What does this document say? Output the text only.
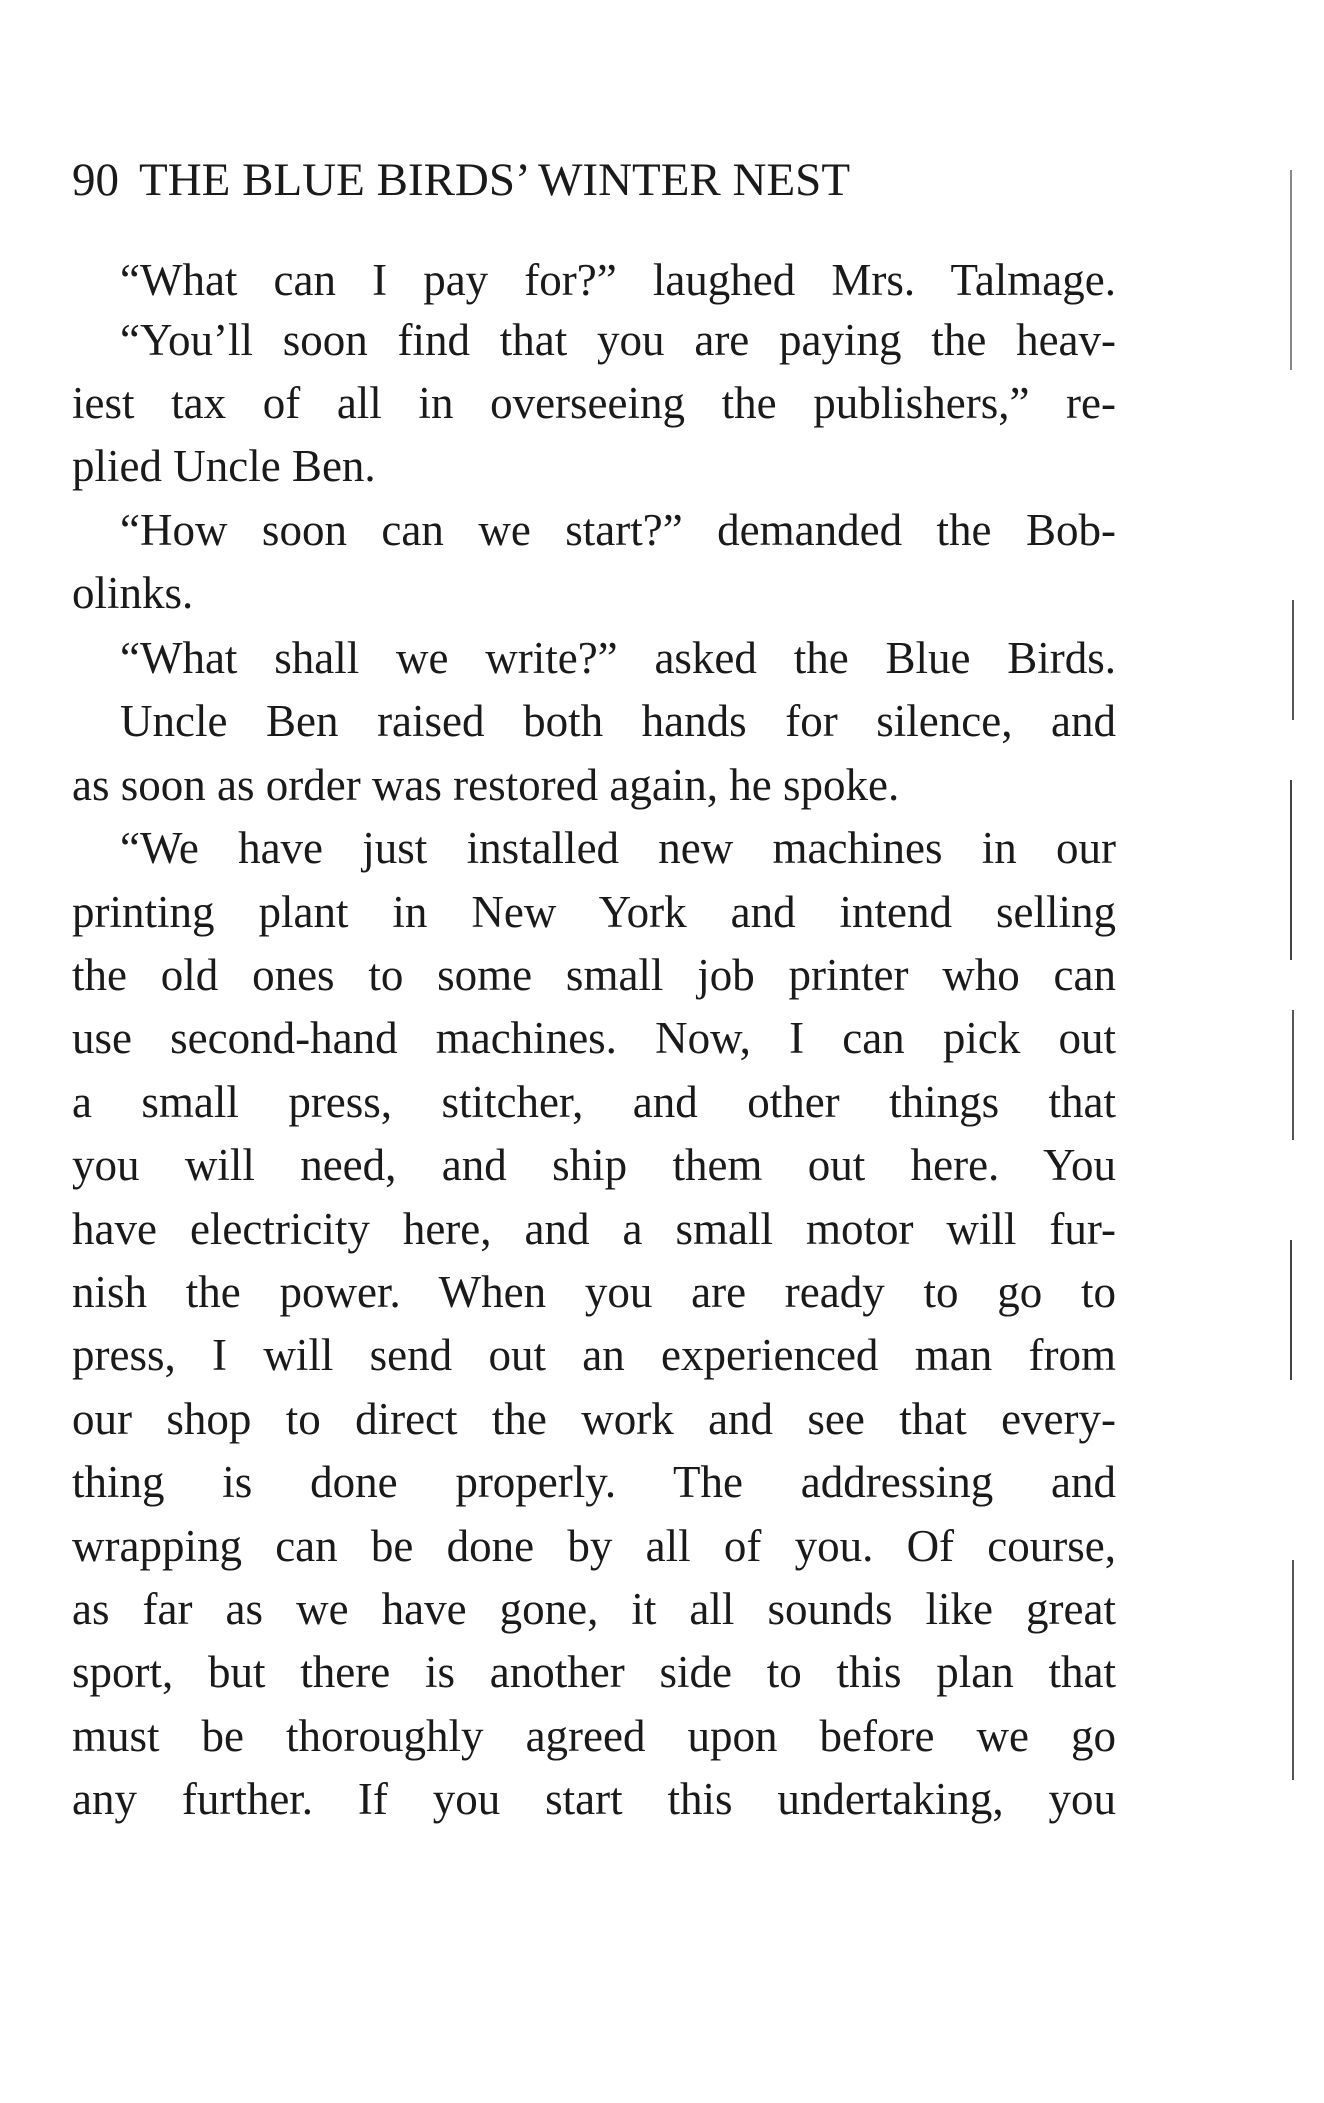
90 THE BLUE BIRDS’ WINTER NEST
“What can I pay for?” laughed Mrs. Talmage.
“You’ll soon find that you are paying the heav-
iest tax of all in overseeing the publishers,” re-
plied Uncle Ben.
“How soon can we start?” demanded the Bob-
olinks.
“What shall we write?” asked the Blue Birds.
Uncle Ben raised both hands for silence, and
as soon as order was restored again, he spoke.
“We have just installed new machines in our
printing plant in New York and intend selling
the old ones to some small job printer who can
use second-hand machines. Now, I can pick out
a small press, stitcher, and other things that
you will need, and ship them out here. You
have electricity here, and a small motor will fur-
nish the power. When you are ready to go to
press, I will send out an experienced man from
our shop to direct the work and see that every-
thing is done properly. The addressing and
wrapping can be done by all of you. Of course,
as far as we have gone, it all sounds like great
sport, but there is another side to this plan that
must be thoroughly agreed upon before we go
any further. If you start this undertaking, you
